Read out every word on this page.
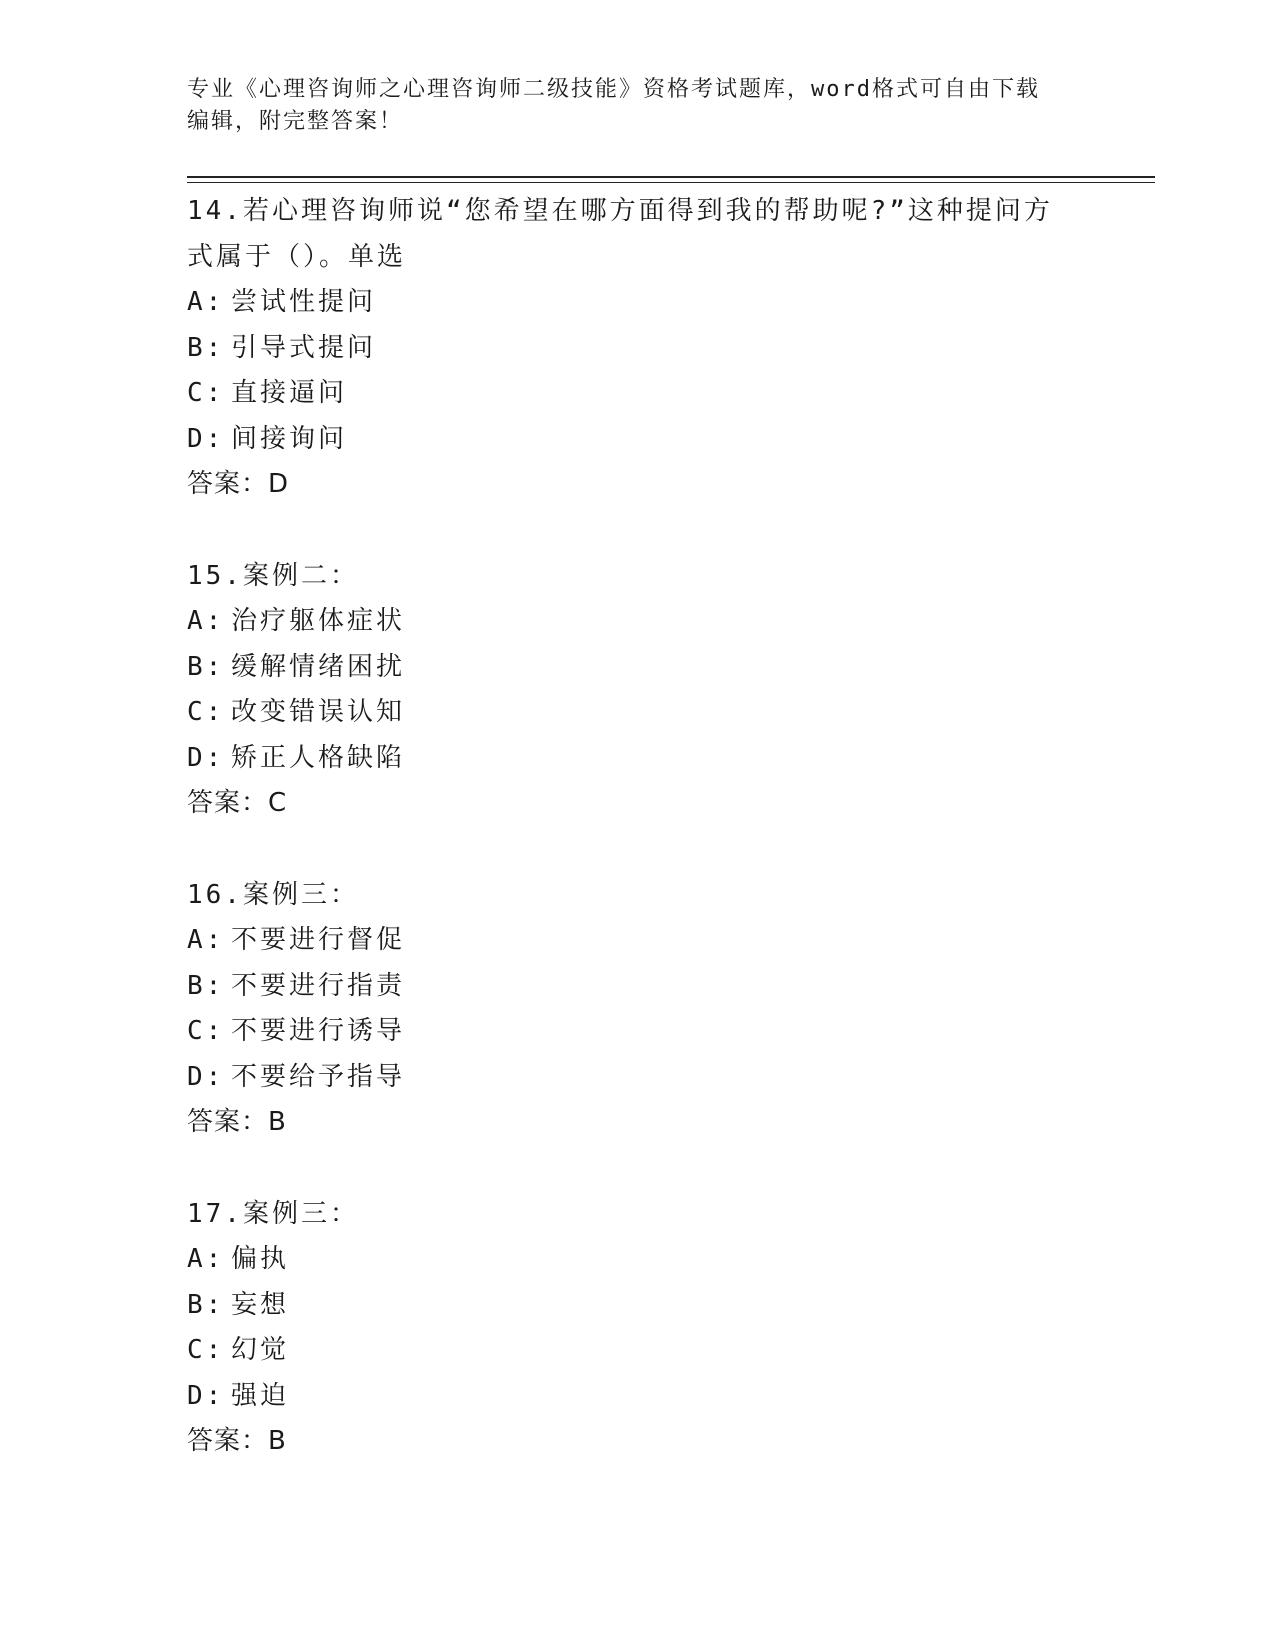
专业《心理咨询师之心理咨询师二级技能》资格考试题库，word格式可自由下载
编辑，附完整答案！
14.若心理咨询师说“您希望在哪方面得到我的帮助呢?”这种提问方
式属于（）。单选
A: 尝试性提问
B: 引导式提问
C: 直接逼问
D: 间接询问
答案：D
15.案例二：
A: 治疗躯体症状
B: 缓解情绪困扰
C: 改变错误认知
D: 矫正人格缺陷
答案：C
16.案例三：
A: 不要进行督促
B: 不要进行指责
C: 不要进行诱导
D: 不要给予指导
答案：B
17.案例三：
A: 偏执
B: 妄想
C: 幻觉
D: 强迫
答案：B
